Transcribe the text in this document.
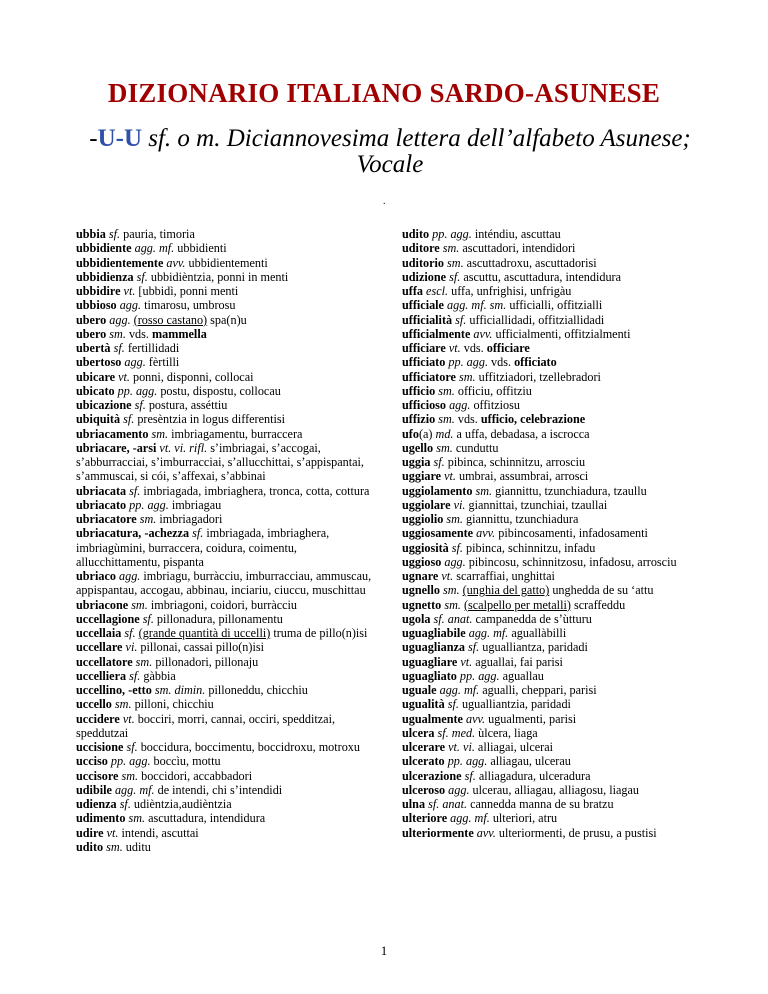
DIZIONARIO ITALIANO SARDO-ASUNESE
-U-U sf. o m. Diciannovesima lettera dell’alfabeto Asunese; Vocale
.
ubbia sf. pauria, timoria
ubbidiente agg. mf. ubbidienti
ubbidientemente avv. ubbidientementi
ubbidienza sf. ubbidièntzia, ponni in menti
ubbidire vt. [ubbidì, ponni menti
ubbioso agg. timarosu, umbrosu
ubero agg. (rosso castano) spa(n)u
ubero sm. vds. mammella
ubertà sf. fertillidadi
ubertoso agg. fèrtilli
ubicare vt. ponni, disponni, collocai
ubicato pp. agg. postu, dispostu, collocau
ubicazione sf. postura, asséttiu
ubiquità sf. presèntzia in logus differentisi
ubriacamento sm. imbriagamentu, burraccera
ubriacare, -arsi vt. vi. rifl. s’imbriagai, s’accogai, s’abburracciai, s’imburracciai, s’allucchittai, s’appispantai, s’ammuscai, si cói, s’affexai, s’abbinai
ubriacata sf. imbriagada, imbriaghera, tronca, cotta, cottura
ubriacato pp. agg. imbriagau
ubriacatore sm. imbriagadori
ubriacatura, -achezza sf. imbriagada, imbriaghera, imbriagùmini, burraccera, coidura, coimentu, allucchittamentu, pispanta
ubriaco agg. imbriagu, burràcciu, imburracciau, ammuscau, appispantau, accogau, abbinau, inciariu, ciuccu, muschittau
ubriacone sm. imbriagoni, coidori, burràcciu
uccellagione sf. pillonadura, pillonamentu
uccellaia sf. (grande quantità di uccelli) truma de pillo(n)isi
uccellare vi. pillonai, cassai pillo(n)isi
uccellatore sm. pillonadori, pillonaju
uccelliera sf. gàbbia
uccellino, -etto sm. dimin. pilloneddu, chicchiu
uccello sm. pilloni, chicchiu
uccidere vt. bocciri, morri, cannai, occiri, spedditzai, speddutzai
uccisione sf. boccidura, boccimentu, boccidroxu, motroxu
ucciso pp. agg. boccìu, mottu
uccisore sm. boccidori, accabbadori
udibile agg. mf. de intendi, chi s’intendidi
udienza sf. udièntzia,audièntzia
udimento sm. ascuttadura, intendidura
udire vt. intendi, ascuttai
udito sm. uditu
udito pp. agg. inténdiu, ascuttau
uditore sm. ascuttadori, intendidori
uditorio sm. ascuttadroxu, ascuttadorisi
udizione sf. ascuttu, ascuttadura, intendidura
uffa escl. uffa, unfrighisi, unfrigàu
ufficiale agg. mf. sm. ufficialli, offitzialli
ufficialità sf. ufficiallidadi, offitziallidadi
ufficialmente avv. ufficialmenti, offitzialmenti
ufficiare vt. vds. officiare
ufficiato pp. agg. vds. officiato
ufficiatore sm. uffitziadori, tzellebradori
ufficio sm. officiu, offitziu
ufficioso agg. offitziosu
uffizio sm. vds. ufficio, celebrazione
ufo(a) md. a uffa, debadasa, a iscrocca
ugello sm. cunduttu
uggia sf. pibinca, schinnitzu, arrosciu
uggiare vt. umbrai, assumbrai, arrosci
uggiolamento sm. giannittu, tzunchiadura, tzaullu
uggiolare vi. giannittai, tzunchiai, tzaullai
uggiolio sm. giannittu, tzunchiadura
uggiosamente avv. pibincosamenti, infadosamenti
uggiosità sf. pibinca, schinnitzu, infadu
uggioso agg. pibincosu, schinnitzosu, infadosu, arrosciu
ugnare vt. scarraffiai, unghittai
ugnello sm. (unghia del gatto) unghedda de su ‘attu
ugnetto sm. (scalpello per metalli) scraffeddu
ugola sf. anat. campanedda de s’ùtturu
uguagliabile agg. mf. aguallàbilli
uguaglianza sf. ugualliantza, paridadi
uguagliare vt. aguallai, fai parisi
uguagliato pp. agg. aguallau
uguale agg. mf. agualli, cheppari, parisi
ugualità sf. ugualliantzia, paridadi
ugualmente avv. ugualmenti, parisi
ulcera sf. med. ùlcera, liaga
ulcerare vt. vi. alliagai, ulcerai
ulcerato pp. agg. alliagau, ulcerau
ulcerazione sf. alliagadura, ulceradura
ulceroso agg. ulcerau, alliagau, alliagosu, liagau
ulna sf. anat. cannedda manna de su bratzu
ulteriore agg. mf. ulteriori, atru
ulteriormente avv. ulteriormenti, de prusu, a pustisi
1
